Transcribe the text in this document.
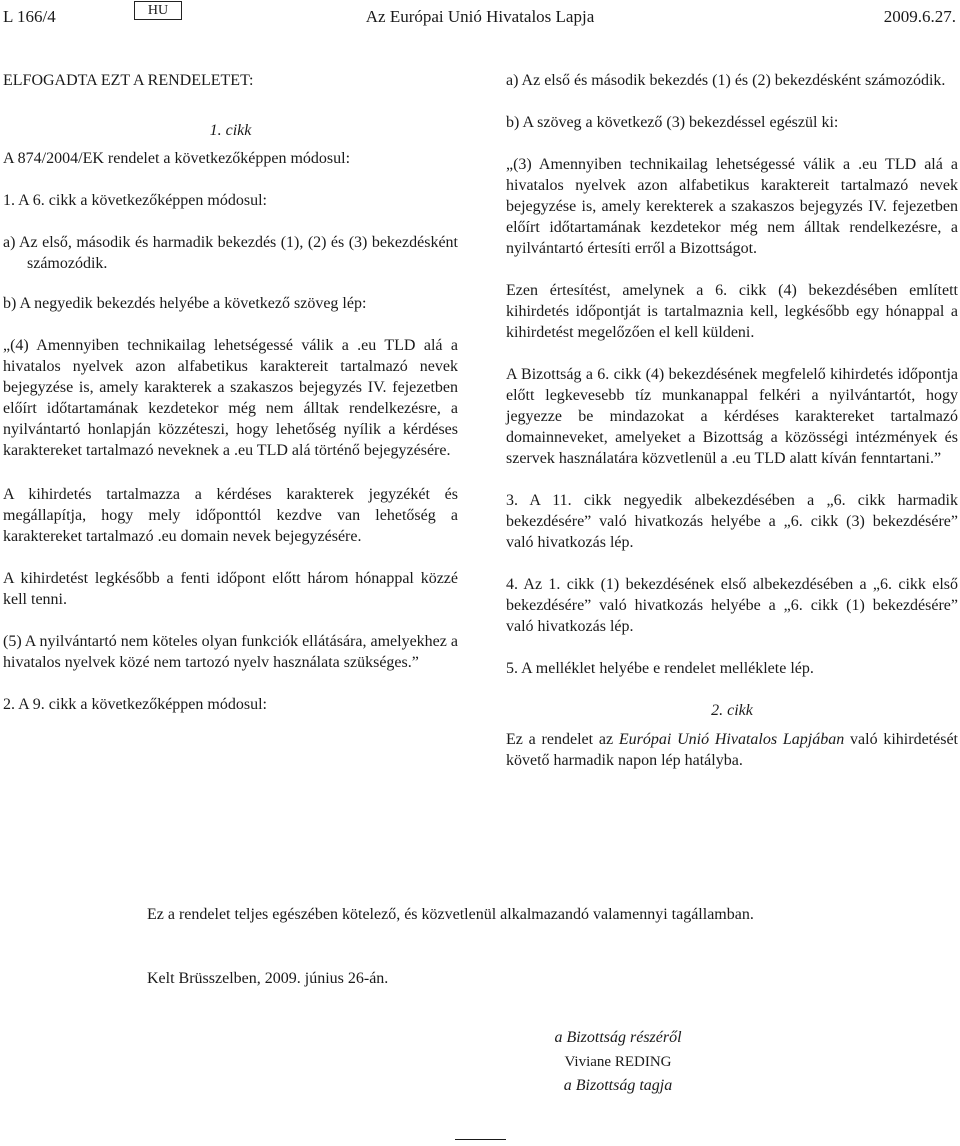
L 166/4	HU	Az Európai Unió Hivatalos Lapja	2009.6.27.

ELFOGADTA EZT A RENDELETET:

1. cikk

A 874/2004/EK rendelet a következőképpen módosul:

1. A 6. cikk a következőképpen módosul:

a) Az első, második és harmadik bekezdés (1), (2) és (3) bekezdésként számozódik.

b) A negyedik bekezdés helyébe a következő szöveg lép:

„(4) Amennyiben technikailag lehetségessé válik a .eu TLD alá a hivatalos nyelvek azon alfabetikus karaktereit tartalmazó nevek bejegyzése is, amely karakterek a szakaszos bejegyzés IV. fejezetben előírt időtartamának kezdetekor még nem álltak rendelkezésre, a nyilvántartó honlapján közzéteszi, hogy lehetőség nyílik a kérdéses karaktereket tartalmazó neveknek a .eu TLD alá történő bejegyzésére.

A kihirdetés tartalmazza a kérdéses karakterek jegyzékét és megállapítja, hogy mely időponttól kezdve van lehetőség a karaktereket tartalmazó .eu domain nevek bejegyzésére.

A kihirdetést legkésőbb a fenti időpont előtt három hónappal közzé kell tenni.

(5) A nyilvántartó nem köteles olyan funkciók ellátására, amelyekhez a hivatalos nyelvek közé nem tartozó nyelv használata szükséges.”

2. A 9. cikk a következőképpen módosul:

a) Az első és második bekezdés (1) és (2) bekezdésként számozódik.

b) A szöveg a következő (3) bekezdéssel egészül ki:

„(3) Amennyiben technikailag lehetségessé válik a .eu TLD alá a hivatalos nyelvek azon alfabetikus karaktereit tartalmazó nevek bejegyzése is, amely kerekterek a szakaszos bejegyzés IV. fejezetben előírt időtartamának kezdetekor még nem álltak rendelkezésre, a nyilvántartó értesíti erről a Bizottságot.

Ezen értesítést, amelynek a 6. cikk (4) bekezdésében említett kihirdetés időpontját is tartalmaznia kell, legkésőbb egy hónappal a kihirdetést megelőzően el kell küldeni.

A Bizottság a 6. cikk (4) bekezdésének megfelelő kihirdetés időpontja előtt legkevesebb tíz munkanappal felkéri a nyilvántartót, hogy jegyezze be mindazokat a kérdéses karaktereket tartalmazó domainneveket, amelyeket a Bizottság a közösségi intézmények és szervek használatára közvetlenül a .eu TLD alatt kíván fenntartani.”

3. A 11. cikk negyedik albekezdésében a „6. cikk harmadik bekezdésére” való hivatkozás helyébe a „6. cikk (3) bekezdésére” való hivatkozás lép.

4. Az 1. cikk (1) bekezdésének első albekezdésében a „6. cikk első bekezdésére” való hivatkozás helyébe a „6. cikk (1) bekezdésére” való hivatkozás lép.

5. A melléklet helyébe e rendelet melléklete lép.

2. cikk

Ez a rendelet az Európai Unió Hivatalos Lapjában való kihirdetését követő harmadik napon lép hatályba.

Ez a rendelet teljes egészében kötelező, és közvetlenül alkalmazandó valamennyi tagállamban.
Kelt Brüsszelben, 2009. június 26-án.
a Bizottság részéről
Viviane REDING
a Bizottság tagja
